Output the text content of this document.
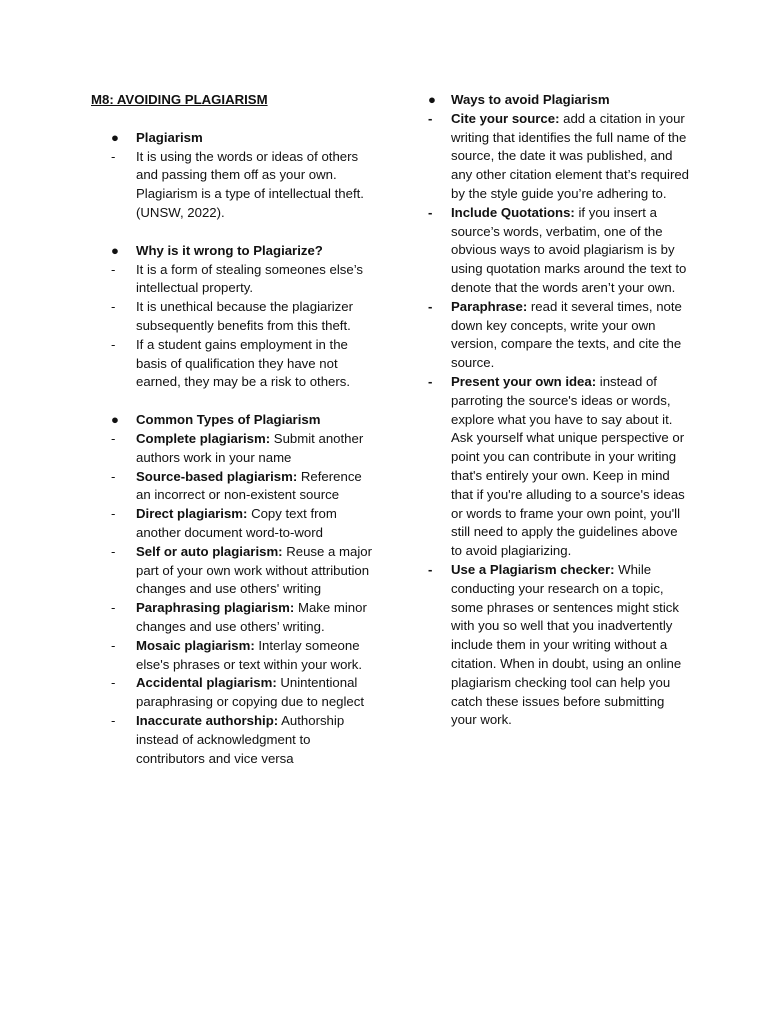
M8: AVOIDING PLAGIARISM
●	Plagiarism
-	It is using the words or ideas of others and passing them off as your own. Plagiarism is a type of intellectual theft. (UNSW, 2022).
●	Why is it wrong to Plagiarize?
-	It is a form of stealing someones else’s intellectual property.
-	It is unethical because the plagiarizer subsequently benefits from this theft.
-	If a student gains employment in the basis of qualification they have not earned, they may be a risk to others.
●	Common Types of Plagiarism
-	Complete plagiarism: Submit another authors work in your name
-	Source-based plagiarism: Reference an incorrect or non-existent source
-	Direct plagiarism: Copy text from another document word-to-word
-	Self or auto plagiarism: Reuse a major part of your own work without attribution changes and use others' writing
-	Paraphrasing plagiarism: Make minor changes and use others’ writing.
-	Mosaic plagiarism: Interlay someone else's phrases or text within your work.
-	Accidental plagiarism: Unintentional paraphrasing or copying due to neglect
-	Inaccurate authorship: Authorship instead of acknowledgment to contributors and vice versa
●	Ways to avoid Plagiarism
-	Cite your source: add a citation in your writing that identifies the full name of the source, the date it was published, and any other citation element that’s required by the style guide you’re adhering to.
-	Include Quotations: if you insert a source’s words, verbatim, one of the obvious ways to avoid plagiarism is by using quotation marks around the text to denote that the words aren’t your own.
-	Paraphrase: read it several times, note down key concepts, write your own version, compare the texts, and cite the source.
-	Present your own idea: instead of parroting the source's ideas or words, explore what you have to say about it. Ask yourself what unique perspective or point you can contribute in your writing that's entirely your own. Keep in mind that if you're alluding to a source's ideas or words to frame your own point, you'll still need to apply the guidelines above to avoid plagiarizing.
-	Use a Plagiarism checker: While conducting your research on a topic, some phrases or sentences might stick with you so well that you inadvertently include them in your writing without a citation. When in doubt, using an online plagiarism checking tool can help you catch these issues before submitting your work.
